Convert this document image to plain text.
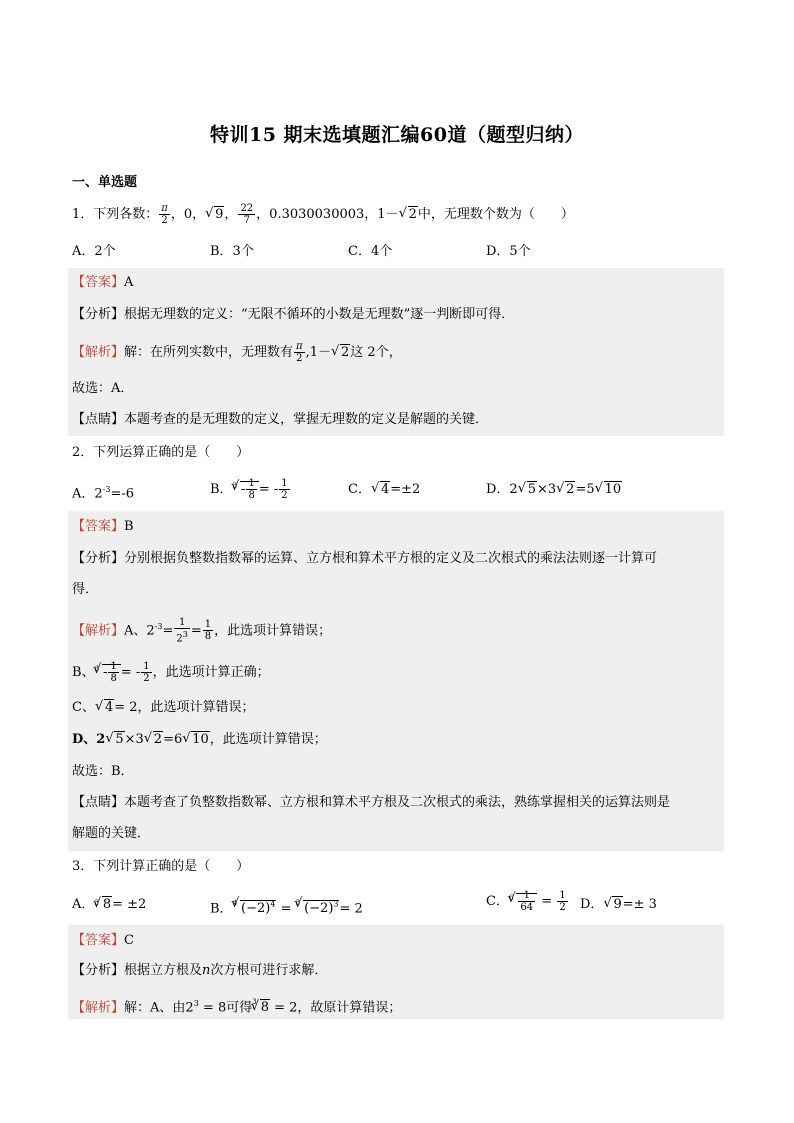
特训15 期末选填题汇编60道（题型归纳）
一、单选题
1．下列各数： $\frac{\pi}{2}$ ，0，√ 9， $\frac{22}{7}$ ，0.3030030003，1－√ 2中，无理数个数为（　　）
A．2个	B．3个	C．4个	D．5个
【答案】A
【分析】根据无理数的定义：“无限不循环的小数是无理数”逐一判断即可得．
【解析】解：在所列实数中，无理数有 $\frac{\pi}{2} ,1-√$ 2这 2个，
故选：A．
【点睛】本题考查的是无理数的定义，掌握无理数的定义是解题的关键．
2．下列运算正确的是（　　）
A．$2^{-3}=-6$	B．$^3√ - \frac{1}{8}$ = - $\frac{1}{2}$	C．√ 4=±2	D．2√ 5×3√ 2=5√ 10
【答案】B
【分析】分别根据负整数指数幂的运算、立方根和算术平方根的定义及二次根式的乘法法则逐一计算可
得．
【解析】A、$2^{-3}= \frac{1}{2^3} = \frac{1}{8}$ ，此选项计算错误；
B、$^3√ - \frac{1}{8}$ = - $\frac{1}{2}$ ，此选项计算正确；
C、√ 4= 2，此选项计算错误；
D、2√ 5×3√ 2=6√ 10，此选项计算错误；
故选：B．
【点睛】本题考查了负整数指数幂、立方根和算术平方根及二次根式的乘法，熟练掌握相关的运算法则是
解题的关键．
3．下列计算正确的是（　　）
A．$^3$√ 8= ±2	B．$^4$√ $(-2)^4 = ^3√$ $(-2)^3= 2$	C．$^6$
√ $\frac{1}{64} = \frac{1}{2}$ D．√ 9=± 3
【答案】C
【分析】根据立方根及n次方根可进行求解．
【解析】解：A、由$2^3 = 8$可得$^3$√ 8 = 2，故原计算错误；
